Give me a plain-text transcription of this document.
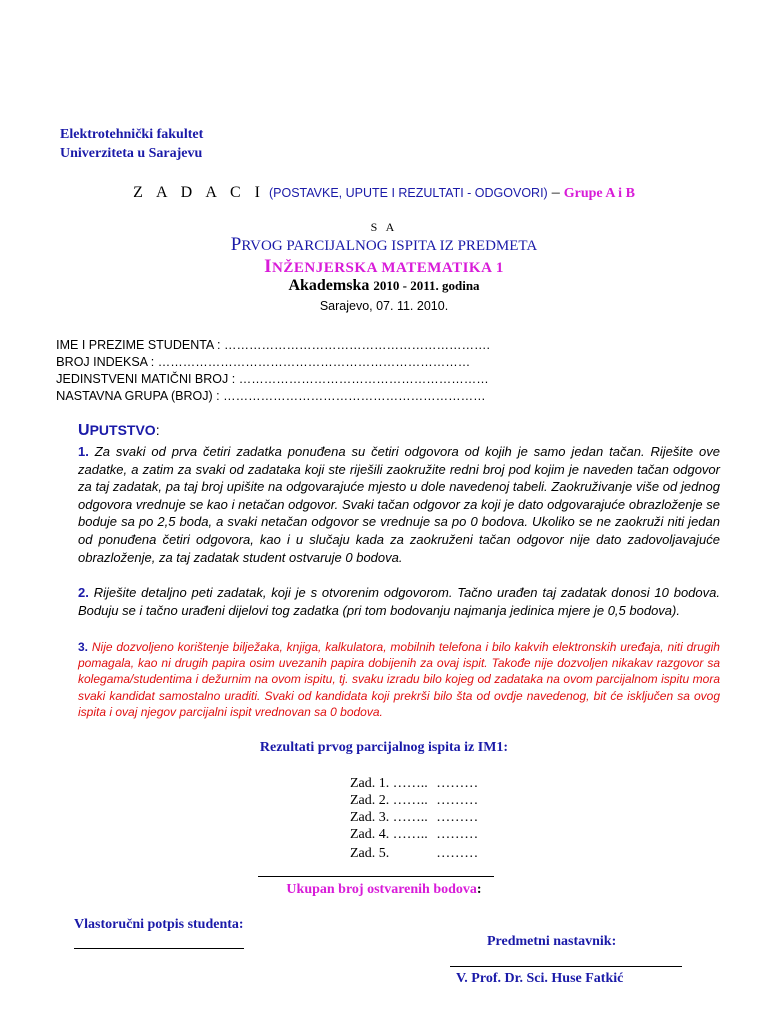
Elektrotehnički fakultet
Univerziteta u Sarajevu
Z A D A C I (POSTAVKE, UPUTE I REZULTATI - ODGOVORI) – Grupe A i B
S A
PRVOG PARCIJALNOG ISPITA IZ PREDMETA
INŽENJERSKA MATEMATIKA 1
Akademska 2010 - 2011. godina
Sarajevo, 07. 11. 2010.
IME I PREZIME STUDENTA : ……………………………………………………….
BROJ INDEKSA : …………………………………………………………………
JEDINSTVENI MATIČNI BROJ : ……………………………………………………
NASTAVNA GRUPA (BROJ) : ………………………………………………………
UPUTSTVO:
1. Za svaki od prva četiri zadatka ponuđena su četiri odgovora od kojih je samo jedan tačan. Riješite ove zadatke, a zatim za svaki od zadataka koji ste riješili zaokružite redni broj pod kojim je naveden tačan odgovor za taj zadatak, pa taj broj upišite na odgovarajuće mjesto u dole navedenoj tabeli. Zaokruživanje više od jednog odgovora vrednuje se kao i netačan odgovor. Svaki tačan odgovor za koji je dato odgovarajuće obrazloženje se boduje sa po 2,5 boda, a svaki netačan odgovor se vrednuje sa po 0 bodova. Ukoliko se ne zaokruži niti jedan od ponuđena četiri odgovora, kao i u slučaju kada za zaokruženi tačan odgovor nije dato zadovoljavajuće obrazloženje, za taj zadatak student ostvaruje 0 bodova.
2. Riješite detaljno peti zadatak, koji je s otvorenim odgovorom. Tačno urađen taj zadatak donosi 10 bodova. Boduju se i tačno urađeni dijelovi tog zadatka (pri tom bodovanju najmanja jedinica mjere je 0,5 bodova).
3. Nije dozvoljeno korištenje bilježaka, knjiga, kalkulatora, mobilnih telefona i bilo kakvih elektronskih uređaja, niti drugih pomagala, kao ni drugih papira osim uvezanih papira dobijenih za ovaj ispit. Takođe nije dozvoljen nikakav razgovor sa kolegama/studentima i dežurnim na ovom ispitu, tj. svaku izradu bilo kojeg od zadataka na ovom parcijalnom ispitu mora svaki kandidat samostalno uraditi. Svaki od kandidata koji prekrši bilo šta od ovdje navedenog, bit će isključen sa ovog ispita i ovaj njegov parcijalni ispit vrednovan sa 0 bodova.
Rezultati prvog parcijalnog ispita iz IM1:
Zad. 1. …….. ………
Zad. 2. …….. ………
Zad. 3. …….. ………
Zad. 4. …….. ………
Zad. 5.	………
Ukupan broj ostvarenih bodova:
Vlastoručni potpis studenta:
Predmetni nastavnik:
V. Prof. Dr. Sci. Huse Fatkić
